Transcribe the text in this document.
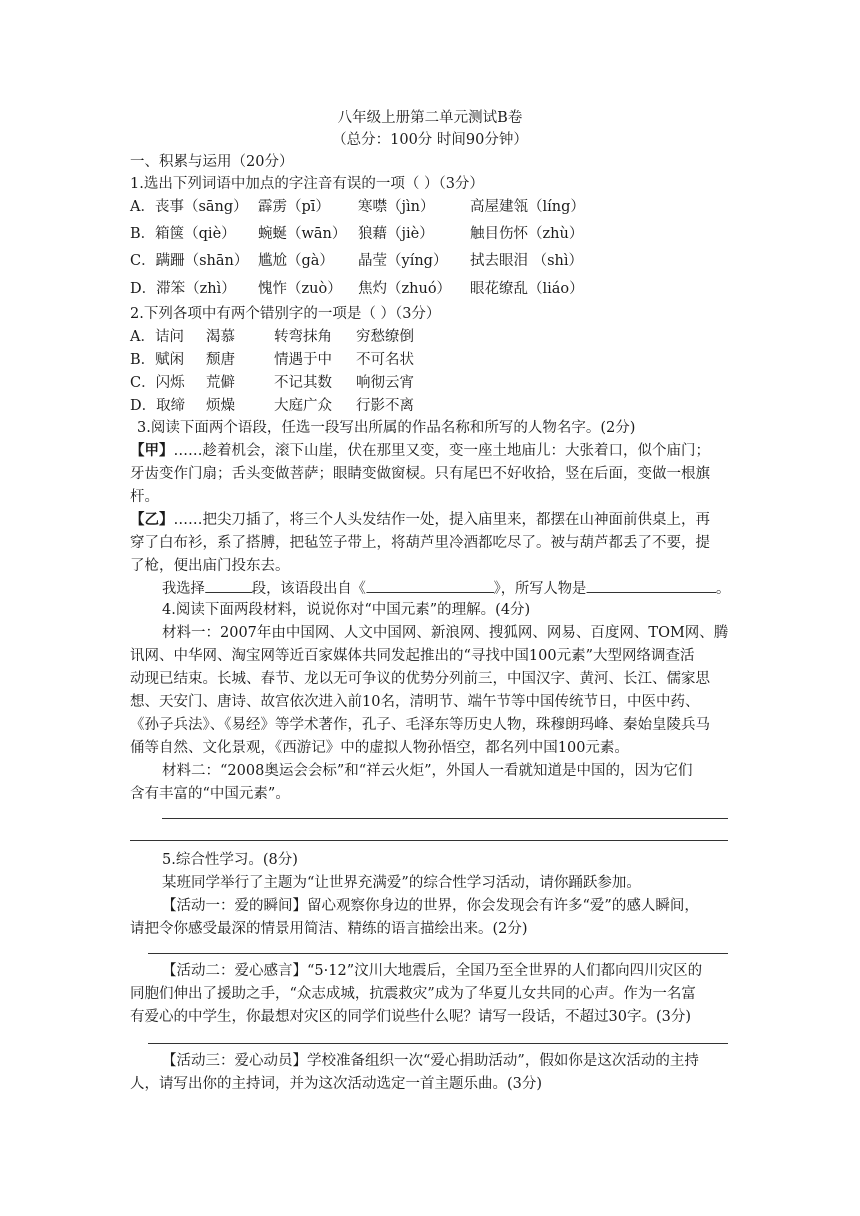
八年级上册第二单元测试B卷
（总分：100分 时间90分钟）
一、积累与运用（20分）
1.选出下列词语中加点的字注音有误的一项（ ）（3分）
A．丧事（sāng） 霹雳（pī） 寒噤（jìn） 高屋建瓴（líng）
B．箱箧（qiè） 蜿蜒（wān） 狼藉（jiè）	触目伤怀（zhù）
C．蹒跚（shān） 尴尬（gà） 晶莹（yíng） 拭去眼泪 （shì）
D．滞笨（zhì） 愧怍（zuò） 焦灼（zhuó） 眼花缭乱（liáo）
2.下列各项中有两个错别字的一项是（ ）（3分）
A．诘问 渴慕	转弯抹角 穷愁缭倒
B．赋闲 颓唐	情遇于中 不可名状
C．闪烁 荒僻	不记其数 响彻云宵
D．取缔 烦燥	大庭广众 行影不离
3.阅读下面两个语段，任选一段写出所属的作品名称和所写的人物名字。(2分)
【甲】……趁着机会，滚下山崖，伏在那里又变，变一座土地庙儿：大张着口，似个庙门；
牙齿变作门扇；舌头变做菩萨；眼睛变做窗棂。只有尾巴不好收拾，竖在后面，变做一根旗
杆。
【乙】……把尖刀插了，将三个人头发结作一处，提入庙里来，都摆在山神面前供桌上，再
穿了白布衫，系了搭膊，把毡笠子带上，将葫芦里冷酒都吃尽了。被与葫芦都丢了不要，提
了枪，便出庙门投东去。
我选择	段，该语段出自《	》，所写人物是	。
4.阅读下面两段材料，说说你对“中国元素”的理解。(4分)
材料一：2007年由中国网、人文中国网、新浪网、搜狐网、网易、百度网、TOM网、腾
讯网、中华网、淘宝网等近百家媒体共同发起推出的“寻找中国100元素”大型网络调查活
动现已结束。长城、春节、龙以无可争议的优势分列前三，中国汉字、黄河、长江、儒家思
想、天安门、唐诗、故宫依次进入前10名，清明节、端午节等中国传统节日，中医中药、
《孙子兵法》、《易经》等学术著作，孔子、毛泽东等历史人物，珠穆朗玛峰、秦始皇陵兵马
俑等自然、文化景观，《西游记》中的虚拟人物孙悟空，都名列中国100元素。
材料二：“2008奥运会会标”和“祥云火炬”，外国人一看就知道是中国的，因为它们
含有丰富的“中国元素”。
5.综合性学习。(8分)
某班同学举行了主题为“让世界充满爱”的综合性学习活动，请你踊跃参加。
【活动一：爱的瞬间】留心观察你身边的世界，你会发现会有许多“爱”的感人瞬间，
请把令你感受最深的情景用简洁、精练的语言描绘出来。(2分)
【活动二：爱心感言】“5·12”汶川大地震后，全国乃至全世界的人们都向四川灾区的
同胞们伸出了援助之手，“众志成城，抗震救灾”成为了华夏儿女共同的心声。作为一名富
有爱心的中学生，你最想对灾区的同学们说些什么呢？请写一段话，不超过30字。(3分)
【活动三：爱心动员】学校准备组织一次“爱心捐助活动”，假如你是这次活动的主持
人，请写出你的主持词，并为这次活动选定一首主题乐曲。(3分)
